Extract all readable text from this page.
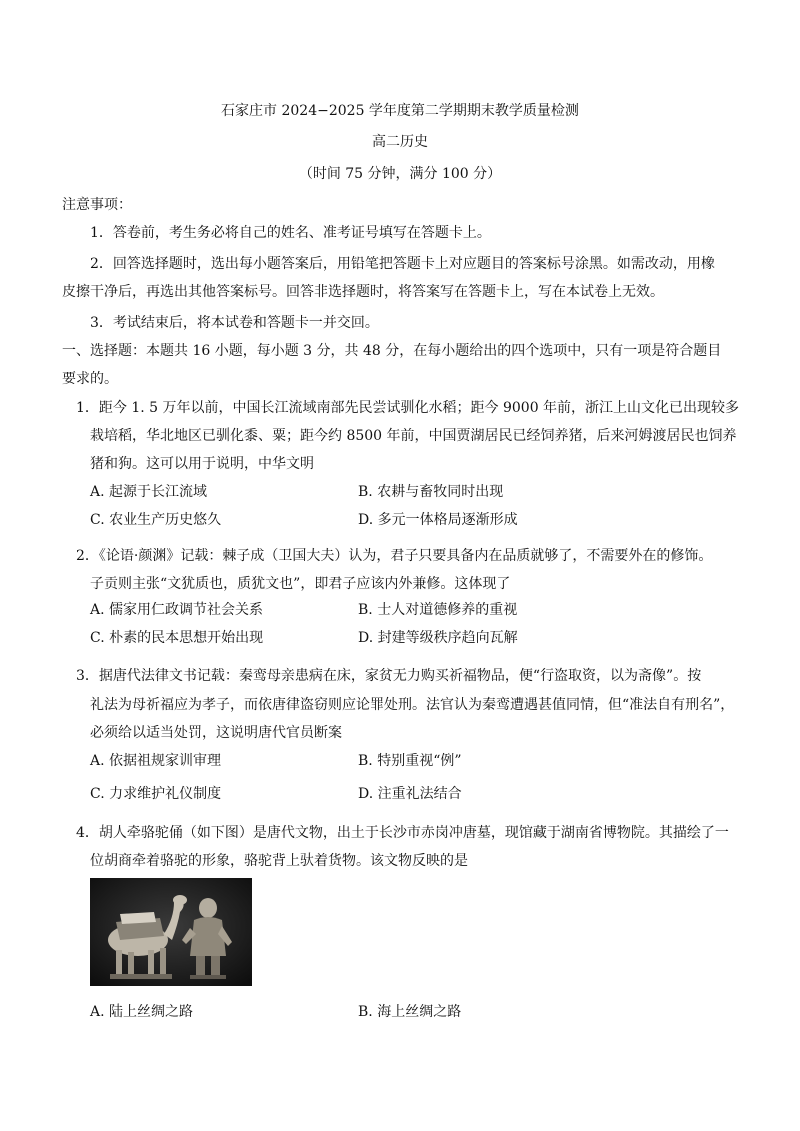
石家庄市 2024−2025 学年度第二学期期末教学质量检测
高二历史
（时间 75 分钟，满分 100 分）
注意事项：
1．答卷前，考生务必将自己的姓名、准考证号填写在答题卡上。
2．回答选择题时，选出每小题答案后，用铅笔把答题卡上对应题目的答案标号涂黑。如需改动，用橡
皮擦干净后，再选出其他答案标号。回答非选择题时，将答案写在答题卡上，写在本试卷上无效。
3．考试结束后，将本试卷和答题卡一并交回。
一、选择题：本题共 16 小题，每小题 3 分，共 48 分，在每小题给出的四个选项中，只有一项是符合题目
要求的。
1．距今 1. 5 万年以前，中国长江流域南部先民尝试驯化水稻；距今 9000 年前，浙江上山文化已出现较多
栽培稻，华北地区已驯化黍、粟；距今约 8500 年前，中国贾湖居民已经饲养猪，后来河姆渡居民也饲养
猪和狗。这可以用于说明，中华文明
A. 起源于长江流域	B. 农耕与畜牧同时出现
C. 农业生产历史悠久	D. 多元一体格局逐渐形成
2．《论语·颜渊》记载：棘子成（卫国大夫）认为，君子只要具备内在品质就够了，不需要外在的修饰。
子贡则主张“文犹质也，质犹文也”，即君子应该内外兼修。这体现了
A. 儒家用仁政调节社会关系	B. 士人对道德修养的重视
C. 朴素的民本思想开始出现	D. 封建等级秩序趋向瓦解
3．据唐代法律文书记载：秦鸾母亲患病在床，家贫无力购买祈福物品，便“行盗取资，以为斋像”。按
礼法为母祈福应为孝子，而依唐律盗窃则应论罪处刑。法官认为秦鸾遭遇甚值同情，但“准法自有刑名”，
必须给以适当处罚，这说明唐代官员断案
A. 依据祖规家训审理	B. 特别重视“例”
C. 力求维护礼仪制度	D. 注重礼法结合
4．胡人牵骆驼俑（如下图）是唐代文物，出土于长沙市赤岗冲唐墓，现馆藏于湖南省博物院。其描绘了一
位胡商牵着骆驼的形象，骆驼背上驮着货物。该文物反映的是
A. 陆上丝绸之路	B. 海上丝绸之路
